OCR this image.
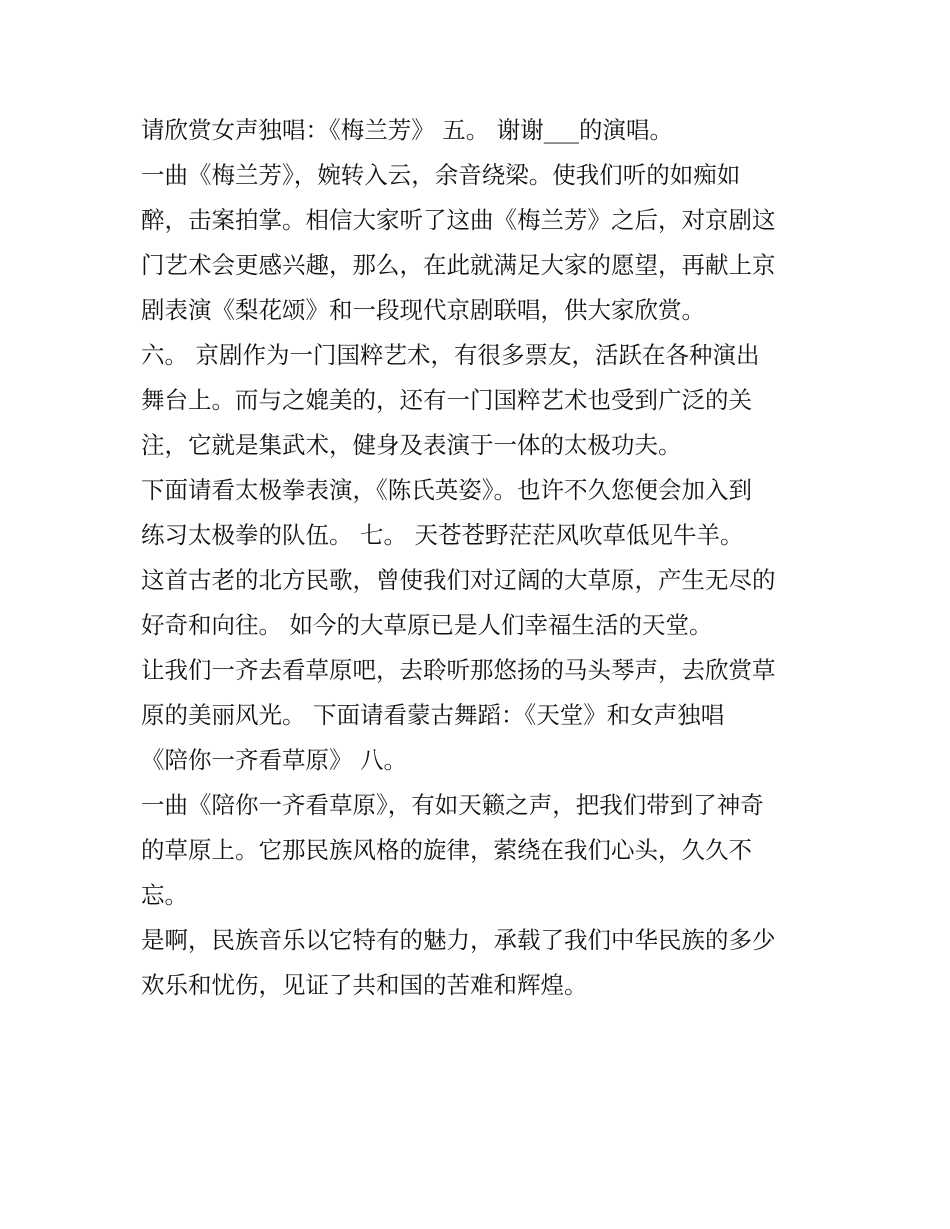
请欣赏女声独唱：《梅兰芳》 五。 谢谢___的演唱。
一曲《梅兰芳》，婉转入云，余音绕梁。使我们听的如痴如
醉，击案拍掌。相信大家听了这曲《梅兰芳》之后，对京剧这
门艺术会更感兴趣，那么，在此就满足大家的愿望，再献上京
剧表演《梨花颂》和一段现代京剧联唱，供大家欣赏。
六。 京剧作为一门国粹艺术，有很多票友，活跃在各种演出
舞台上。而与之媲美的，还有一门国粹艺术也受到广泛的关
注，它就是集武术，健身及表演于一体的太极功夫。
下面请看太极拳表演，《陈氏英姿》。也许不久您便会加入到
练习太极拳的队伍。 七。 天苍苍野茫茫风吹草低见牛羊。
这首古老的北方民歌，曾使我们对辽阔的大草原，产生无尽的
好奇和向往。 如今的大草原已是人们幸福生活的天堂。
让我们一齐去看草原吧，去聆听那悠扬的马头琴声，去欣赏草
原的美丽风光。 下面请看蒙古舞蹈：《天堂》和女声独唱
《陪你一齐看草原》 八。
一曲《陪你一齐看草原》，有如天籁之声，把我们带到了神奇
的草原上。它那民族风格的旋律，萦绕在我们心头，久久不
忘。
是啊，民族音乐以它特有的魅力，承载了我们中华民族的多少
欢乐和忧伤，见证了共和国的苦难和辉煌。
